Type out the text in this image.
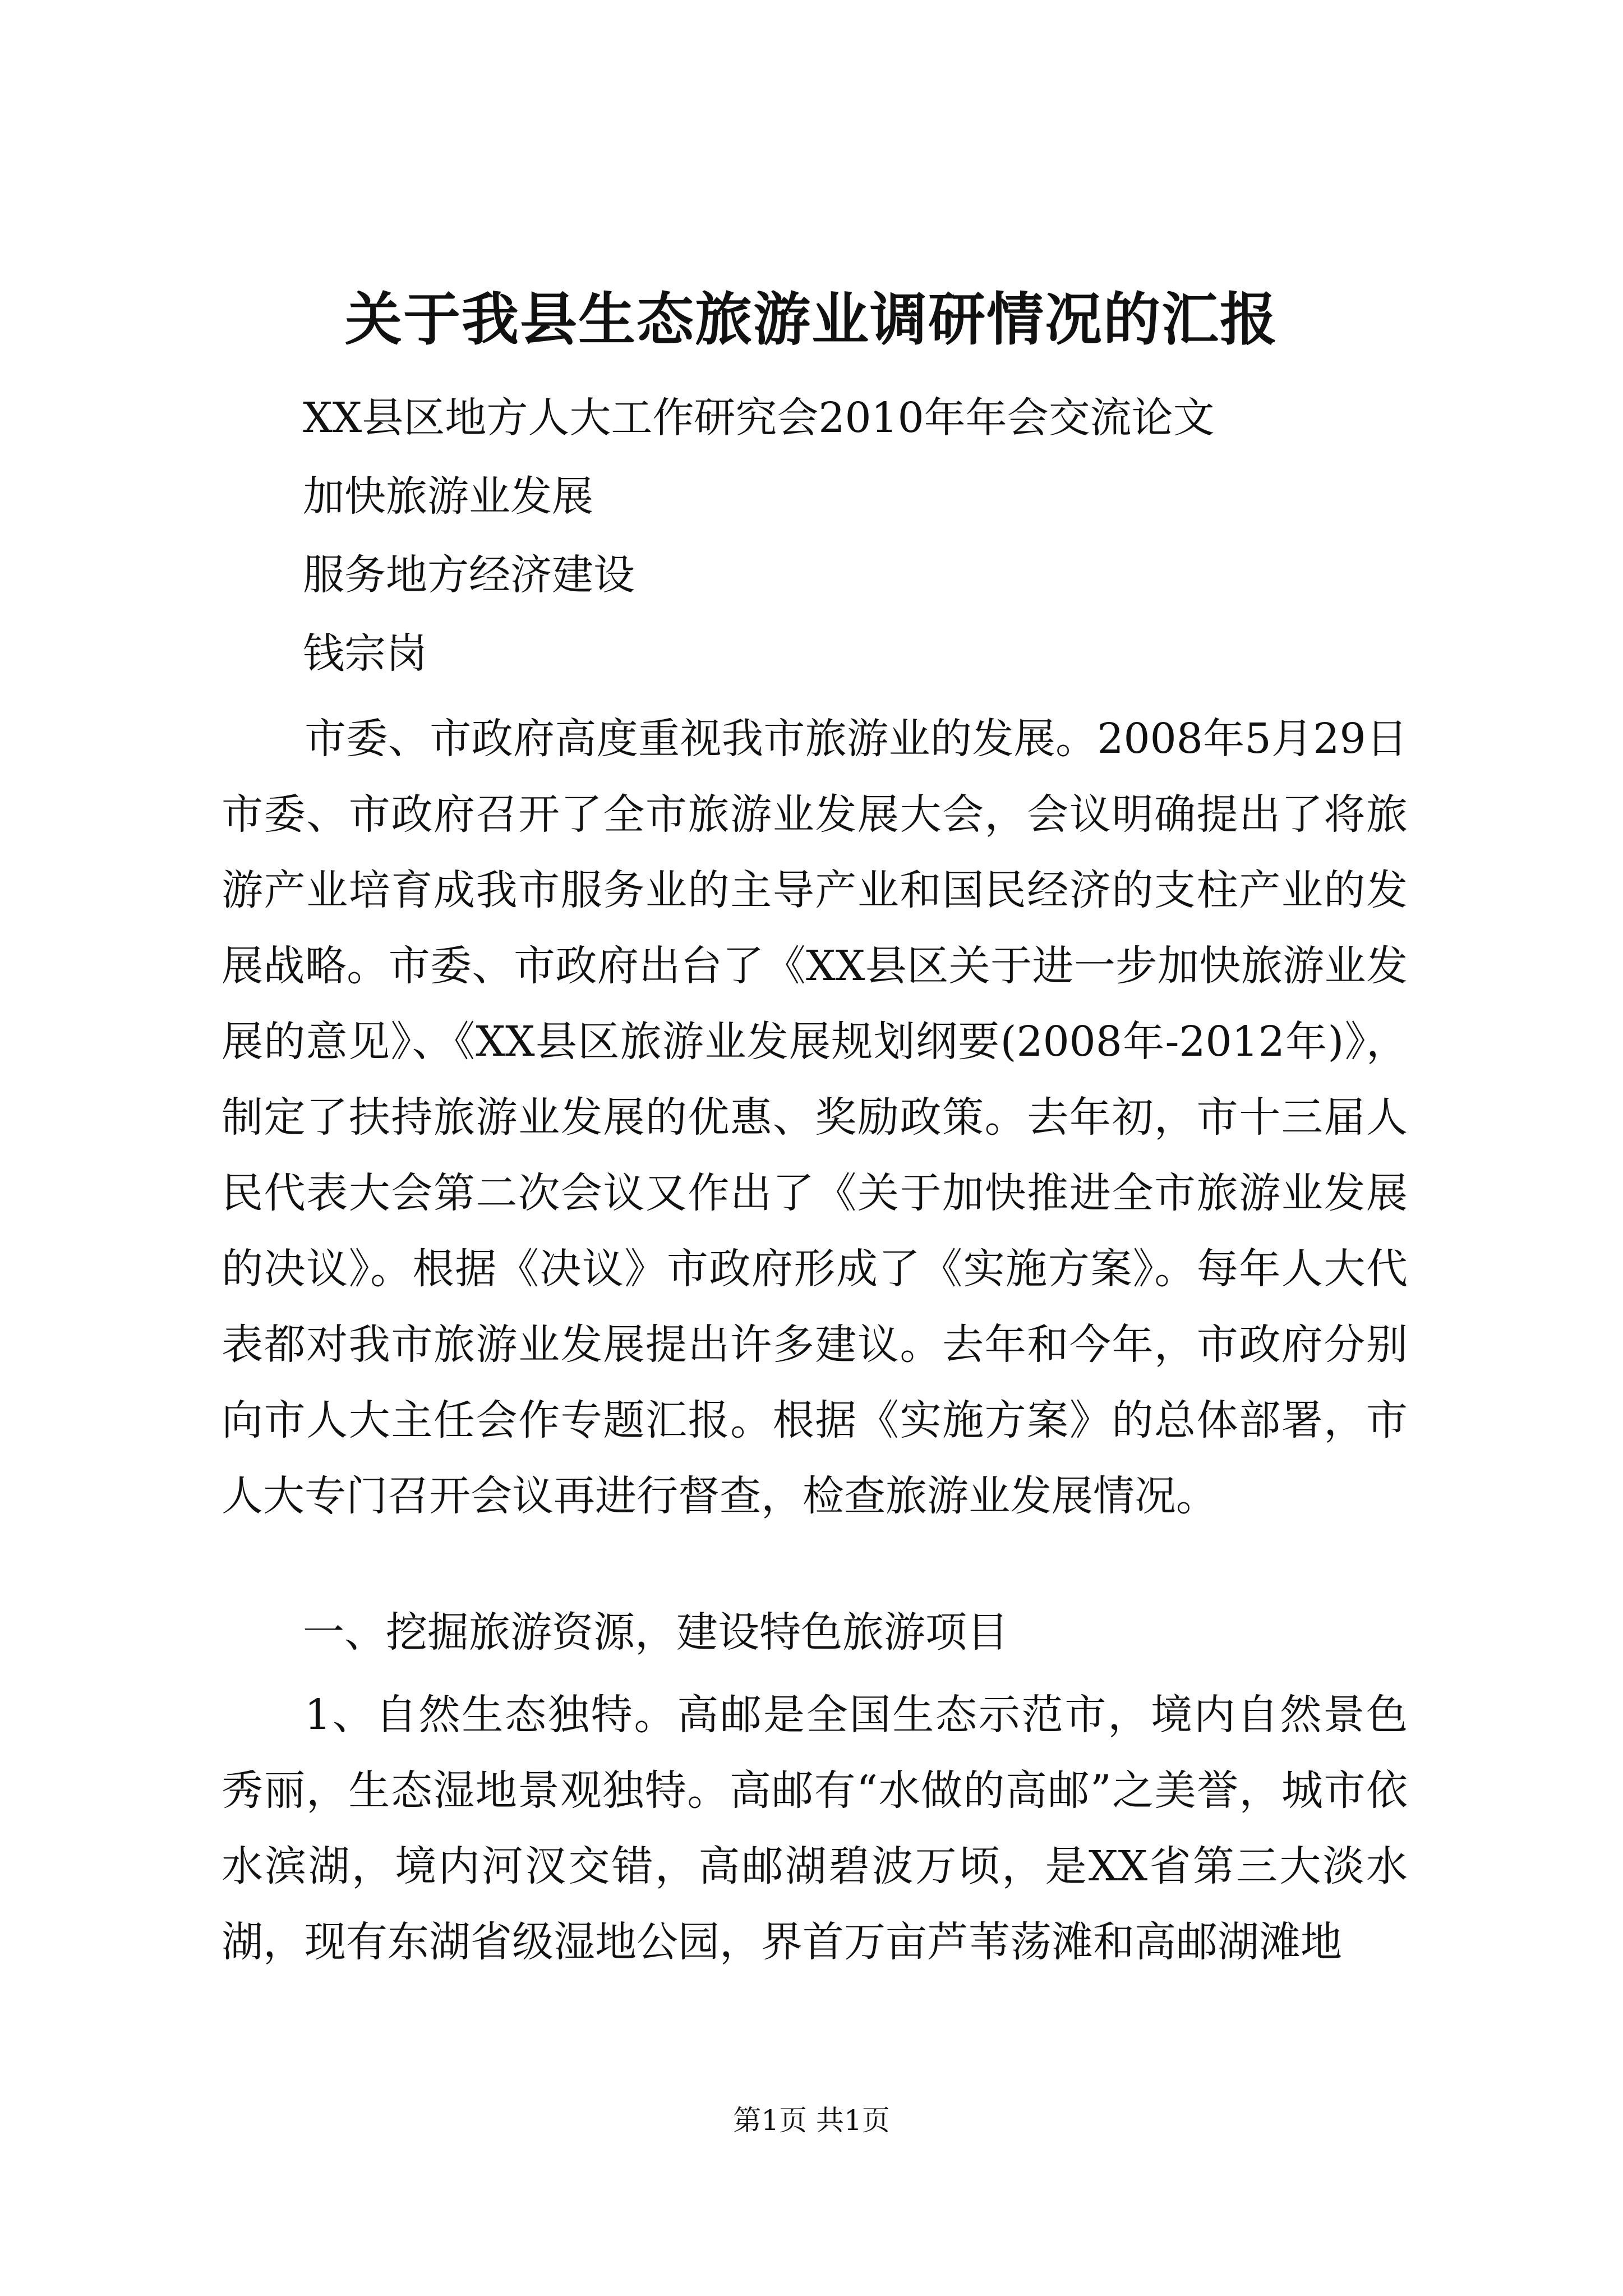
关于我县生态旅游业调研情况的汇报
XX县区地方人大工作研究会2010年年会交流论文
加快旅游业发展
服务地方经济建设
钱宗岗

市委、市政府高度重视我市旅游业的发展。2008年5月29日市委、市政府召开了全市旅游业发展大会，会议明确提出了将旅游产业培育成我市服务业的主导产业和国民经济的支柱产业的发展战略。市委、市政府出台了《XX县区关于进一步加快旅游业发展的意见》、《XX县区旅游业发展规划纲要(2008年-2012年)》，制定了扶持旅游业发展的优惠、奖励政策。去年初，市十三届人民代表大会第二次会议又作出了《关于加快推进全市旅游业发展的决议》。根据《决议》市政府形成了《实施方案》。每年人大代表都对我市旅游业发展提出许多建议。去年和今年，市政府分别向市人大主任会作专题汇报。根据《实施方案》的总体部署，市人大专门召开会议再进行督查，检查旅游业发展情况。

一、挖掘旅游资源，建设特色旅游项目

1、自然生态独特。高邮是全国生态示范市，境内自然景色秀丽，生态湿地景观独特。高邮有“水做的高邮”之美誉，城市依水滨湖，境内河汊交错，高邮湖碧波万顷，是XX省第三大淡水湖，现有东湖省级湿地公园，界首万亩芦苇荡滩和高邮湖滩地

第1页 共1页
